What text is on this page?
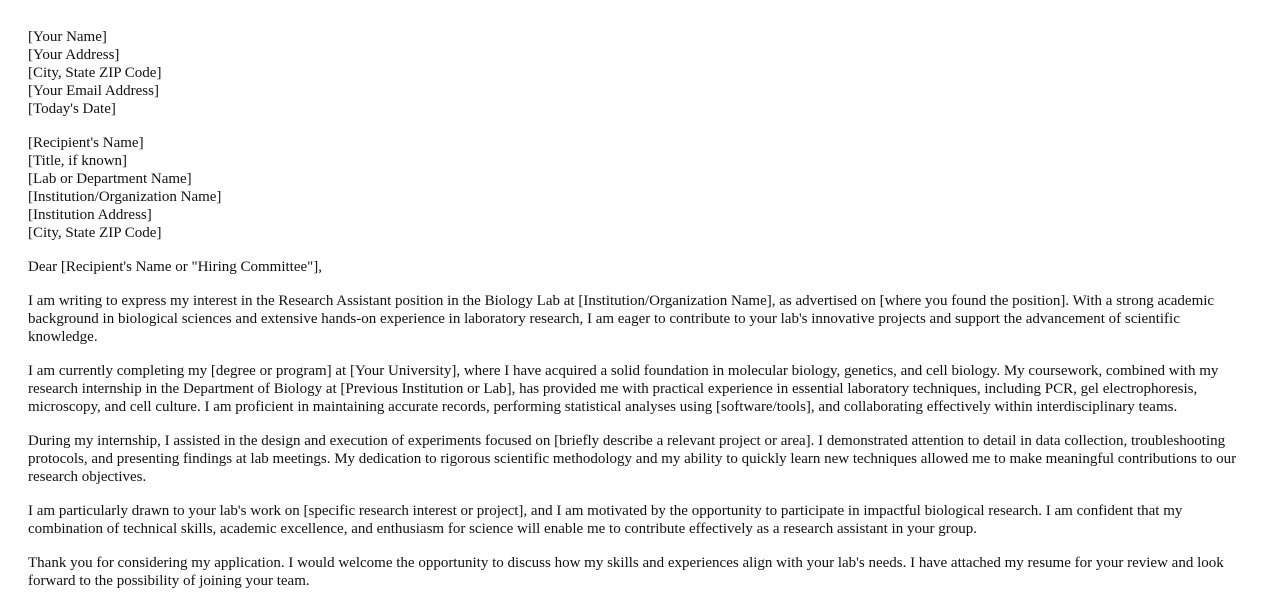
[Your Name]
[Your Address]
[City, State ZIP Code]
[Your Email Address]
[Today's Date]
[Recipient's Name]
[Title, if known]
[Lab or Department Name]
[Institution/Organization Name]
[Institution Address]
[City, State ZIP Code]

Dear [Recipient's Name or "Hiring Committee"],

I am writing to express my interest in the Research Assistant position in the Biology Lab at [Institution/Organization Name], as advertised on [where you found the position]. With a strong academic background in biological sciences and extensive hands-on experience in laboratory research, I am eager to contribute to your lab's innovative projects and support the advancement of scientific knowledge.

I am currently completing my [degree or program] at [Your University], where I have acquired a solid foundation in molecular biology, genetics, and cell biology. My coursework, combined with my research internship in the Department of Biology at [Previous Institution or Lab], has provided me with practical experience in essential laboratory techniques, including PCR, gel electrophoresis, microscopy, and cell culture. I am proficient in maintaining accurate records, performing statistical analyses using [software/tools], and collaborating effectively within interdisciplinary teams.

During my internship, I assisted in the design and execution of experiments focused on [briefly describe a relevant project or area]. I demonstrated attention to detail in data collection, troubleshooting protocols, and presenting findings at lab meetings. My dedication to rigorous scientific methodology and my ability to quickly learn new techniques allowed me to make meaningful contributions to our research objectives.

I am particularly drawn to your lab's work on [specific research interest or project], and I am motivated by the opportunity to participate in impactful biological research. I am confident that my combination of technical skills, academic excellence, and enthusiasm for science will enable me to contribute effectively as a research assistant in your group.

Thank you for considering my application. I would welcome the opportunity to discuss how my skills and experiences align with your lab's needs. I have attached my resume for your review and look forward to the possibility of joining your team.
